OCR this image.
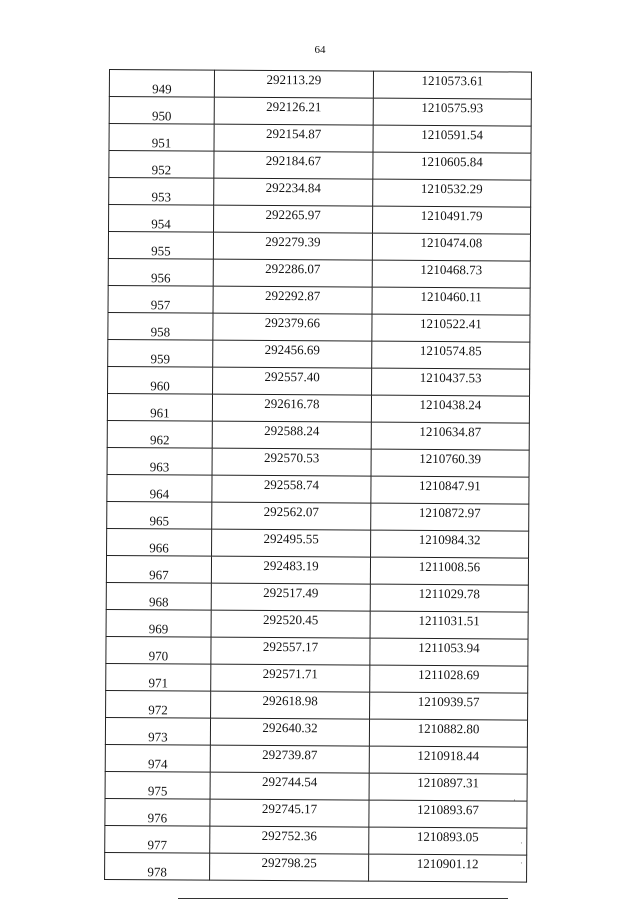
64
949	292113.29	1210573.61
950	292126.21	1210575.93
951	292154.87	1210591.54
952	292184.67	1210605.84
953	292234.84	1210532.29
954	292265.97	1210491.79
955	292279.39	1210474.08
956	292286.07	1210468.73
957	292292.87	1210460.11
958	292379.66	1210522.41
959	292456.69	1210574.85
960	292557.40	1210437.53
961	292616.78	1210438.24
962	292588.24	1210634.87
963	292570.53	1210760.39
964	292558.74	1210847.91
965	292562.07	1210872.97
966	292495.55	1210984.32
967	292483.19	1211008.56
968	292517.49	1211029.78
969	292520.45	1211031.51
970	292557.17	1211053.94
971	292571.71	1211028.69
972	292618.98	1210939.57
973	292640.32	1210882.80
974	292739.87	1210918.44
975	292744.54	1210897.31
976	292745.17	1210893.67
977	292752.36	1210893.05
978	292798.25	1210901.12
·
·
·
